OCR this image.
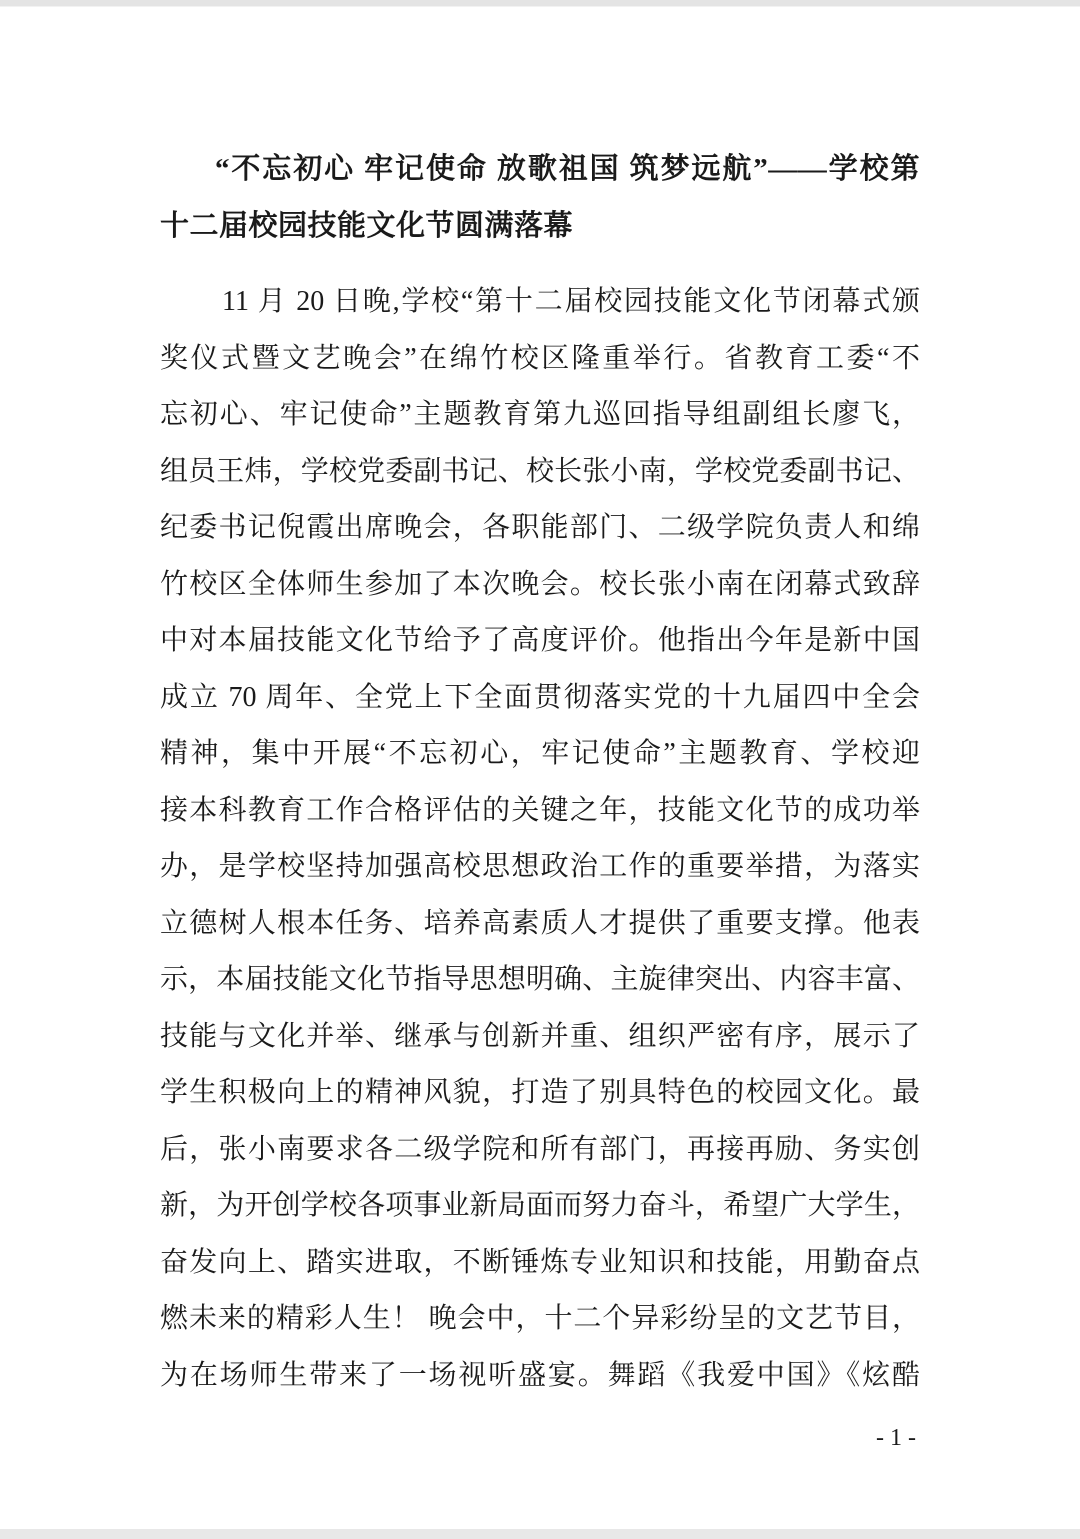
“不忘初心 牢记使命 放歌祖国 筑梦远航”——学校第
十二届校园技能文化节圆满落幕
11 月 20 日晚,学校“第十二届校园技能文化节闭幕式颁
奖仪式暨文艺晚会”在绵竹校区隆重举行。省教育工委“不
忘初心、牢记使命”主题教育第九巡回指导组副组长廖飞，
组员王炜，学校党委副书记、校长张小南，学校党委副书记、
纪委书记倪霞出席晚会，各职能部门、二级学院负责人和绵
竹校区全体师生参加了本次晚会。校长张小南在闭幕式致辞
中对本届技能文化节给予了高度评价。他指出今年是新中国
成立 70 周年、全党上下全面贯彻落实党的十九届四中全会
精神，集中开展“不忘初心，牢记使命”主题教育、学校迎
接本科教育工作合格评估的关键之年，技能文化节的成功举
办，是学校坚持加强高校思想政治工作的重要举措，为落实
立德树人根本任务、培养高素质人才提供了重要支撑。他表
示，本届技能文化节指导思想明确、主旋律突出、内容丰富、
技能与文化并举、继承与创新并重、组织严密有序，展示了
学生积极向上的精神风貌，打造了别具特色的校园文化。最
后，张小南要求各二级学院和所有部门，再接再励、务实创
新，为开创学校各项事业新局面而努力奋斗，希望广大学生，
奋发向上、踏实进取，不断锤炼专业知识和技能，用勤奋点
燃未来的精彩人生！ 晚会中，十二个异彩纷呈的文艺节目，
为在场师生带来了一场视听盛宴。舞蹈《我爱中国》《炫酷
- 1 -
